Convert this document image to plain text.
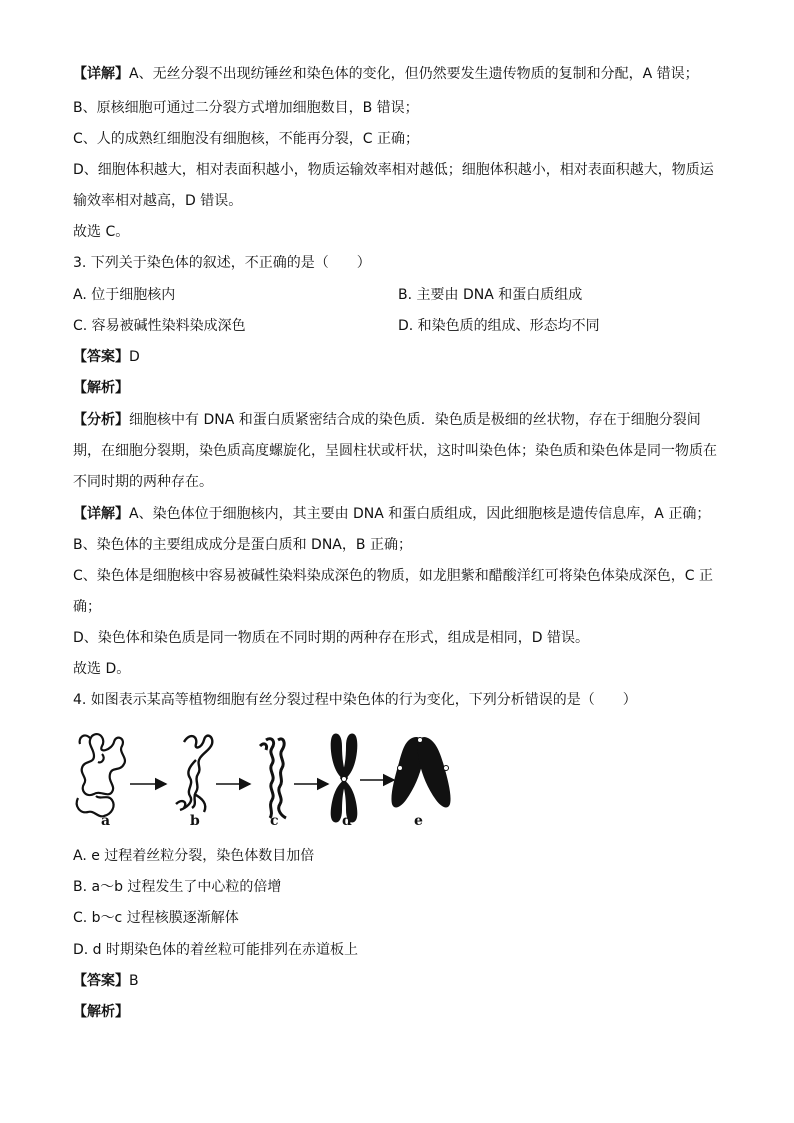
【详解】A、无丝分裂不出现纺锤丝和染色体的变化，但仍然要发生遗传物质的复制和分配，A 错误；
B、原核细胞可通过二分裂方式增加细胞数目，B 错误；
C、人的成熟红细胞没有细胞核，不能再分裂，C 正确；
D、细胞体积越大，相对表面积越小，物质运输效率相对越低；细胞体积越小，相对表面积越大，物质运
输效率相对越高，D 错误。
故选 C。
3. 下列关于染色体的叙述，不正确的是（　　）
A. 位于细胞核内	B. 主要由 DNA 和蛋白质组成
C. 容易被碱性染料染成深色	D. 和染色质的组成、形态均不同
【答案】D
【解析】
【分析】细胞核中有 DNA 和蛋白质紧密结合成的染色质．染色质是极细的丝状物，存在于细胞分裂间
期，在细胞分裂期，染色质高度螺旋化，呈圆柱状或杆状，这时叫染色体；染色质和染色体是同一物质在
不同时期的两种存在。
【详解】A、染色体位于细胞核内，其主要由 DNA 和蛋白质组成，因此细胞核是遗传信息库，A 正确；
B、染色体的主要组成成分是蛋白质和 DNA，B 正确；
C、染色体是细胞核中容易被碱性染料染成深色的物质，如龙胆紫和醋酸洋红可将染色体染成深色，C 正
确；
D、染色体和染色质是同一物质在不同时期的两种存在形式，组成是相同，D 错误。
故选 D。
4. 如图表示某高等植物细胞有丝分裂过程中染色体的行为变化，下列分析错误的是（　　）
a	b	c	d	e
A. e 过程着丝粒分裂，染色体数目加倍
B. a～b 过程发生了中心粒的倍增
C. b～c 过程核膜逐渐解体
D. d 时期染色体的着丝粒可能排列在赤道板上
【答案】B
【解析】
